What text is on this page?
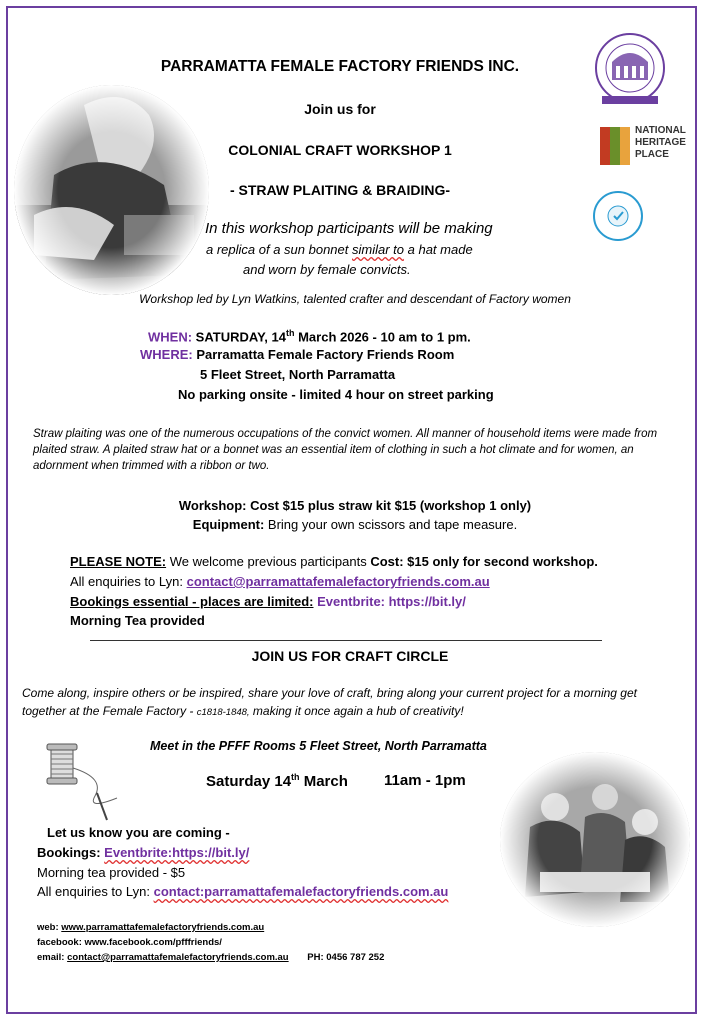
NATIONAL
HERITAGE
PLACE
PARRAMATTA FEMALE FACTORY FRIENDS INC.
Join us for
COLONIAL CRAFT WORKSHOP 1
- STRAW PLAITING & BRAIDING-
In this workshop participants will be making
a replica of a sun bonnet similar to a hat made
and worn by female convicts.
Workshop led by Lyn Watkins, talented crafter and descendant of Factory women
WHEN: SATURDAY, 14th March 2026 - 10 am to 1 pm.
WHERE: Parramatta Female Factory Friends Room
5 Fleet Street, North Parramatta
No parking onsite - limited 4 hour on street parking
Straw plaiting was one of the numerous occupations of the convict women. All manner of household items were made from plaited straw. A plaited straw hat or a bonnet was an essential item of clothing in such a hot climate and for women, an adornment when trimmed with a ribbon or two.
Workshop: Cost $15 plus straw kit $15 (workshop 1 only)
Equipment: Bring your own scissors and tape measure.
PLEASE NOTE: We welcome previous participants Cost: $15 only for second workshop.
All enquiries to Lyn: contact@parramattafemalefactoryfriends.com.au
Bookings essential - places are limited: Eventbrite: https://bit.ly/
Morning Tea provided
JOIN US FOR CRAFT CIRCLE
Come along, inspire others or be inspired, share your love of craft, bring along your current project for a morning get together at the Female Factory - c1818-1848, making it once again a hub of creativity!
Meet in the PFFF Rooms 5 Fleet Street, North Parramatta
Saturday 14th March 11am - 1pm
Let us know you are coming -
Bookings: Eventbrite:https://bit.ly/
Morning tea provided - $5
All enquiries to Lyn: contact:parramattafemalefactoryfriends.com.au
web: www.parramattafemalefactoryfriends.com.au
facebook: www.facebook.com/pfffriends/
email: contact@parramattafemalefactoryfriends.com.au PH: 0456 787 252
